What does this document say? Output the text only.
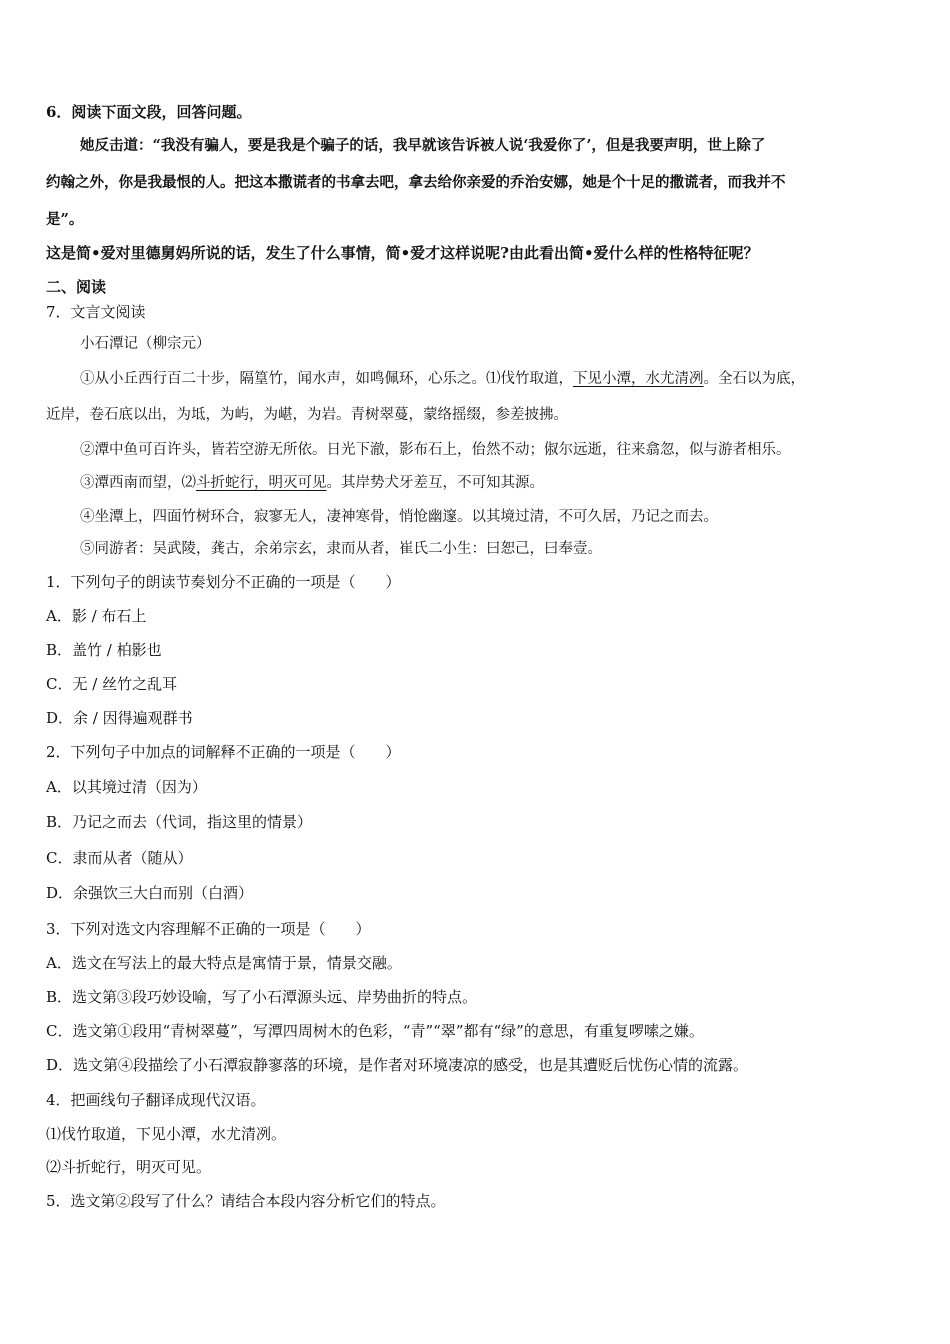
6．阅读下面文段，回答问题。
她反击道：“我没有骗人，要是我是个骗子的话，我早就该告诉被人说‘我爱你了’，但是我要声明，世上除了
约翰之外，你是我最恨的人。把这本撒谎者的书拿去吧，拿去给你亲爱的乔治安娜，她是个十足的撒谎者，而我并不
是”。
这是简•爱对里德舅妈所说的话，发生了什么事情，简•爱才这样说呢?由此看出简•爱什么样的性格特征呢？
二、阅读
7．文言文阅读
小石潭记（柳宗元）
①从小丘西行百二十步，隔篁竹，闻水声，如鸣佩环，心乐之。⑴伐竹取道，下见小潭，水尤清冽。全石以为底，
近岸，卷石底以出，为坻，为屿，为嵁，为岩。青树翠蔓，蒙络摇缀，参差披拂。
②潭中鱼可百许头，皆若空游无所依。日光下澈，影布石上，佁然不动；俶尔远逝，往来翕忽，似与游者相乐。
③潭西南而望，⑵斗折蛇行，明灭可见。其岸势犬牙差互，不可知其源。
④坐潭上，四面竹树环合，寂寥无人，凄神寒骨，悄怆幽邃。以其境过清，不可久居，乃记之而去。
⑤同游者：吴武陵，龚古，余弟宗玄，隶而从者，崔氏二小生：曰恕己，曰奉壹。
1．下列句子的朗读节奏划分不正确的一项是（　　）
A．影 / 布石上
B．盖竹 / 柏影也
C．无 / 丝竹之乱耳
D．余 / 因得遍观群书
2．下列句子中加点的词解释不正确的一项是（　　）
A．以其境过清（因为）
B．乃记之而去（代词，指这里的情景）
C．隶而从者（随从）
D．余强饮三大白而别（白酒）
3．下列对选文内容理解不正确的一项是（　　）
A．选文在写法上的最大特点是寓情于景，情景交融。
B．选文第③段巧妙设喻，写了小石潭源头远、岸势曲折的特点。
C．选文第①段用“青树翠蔓”，写潭四周树木的色彩，“青”“翠”都有“绿”的意思，有重复啰嗦之嫌。
D．选文第④段描绘了小石潭寂静寥落的环境，是作者对环境凄凉的感受，也是其遭贬后忧伤心情的流露。
4．把画线句子翻译成现代汉语。
⑴伐竹取道，下见小潭，水尤清冽。
⑵斗折蛇行，明灭可见。
5．选文第②段写了什么？请结合本段内容分析它们的特点。
